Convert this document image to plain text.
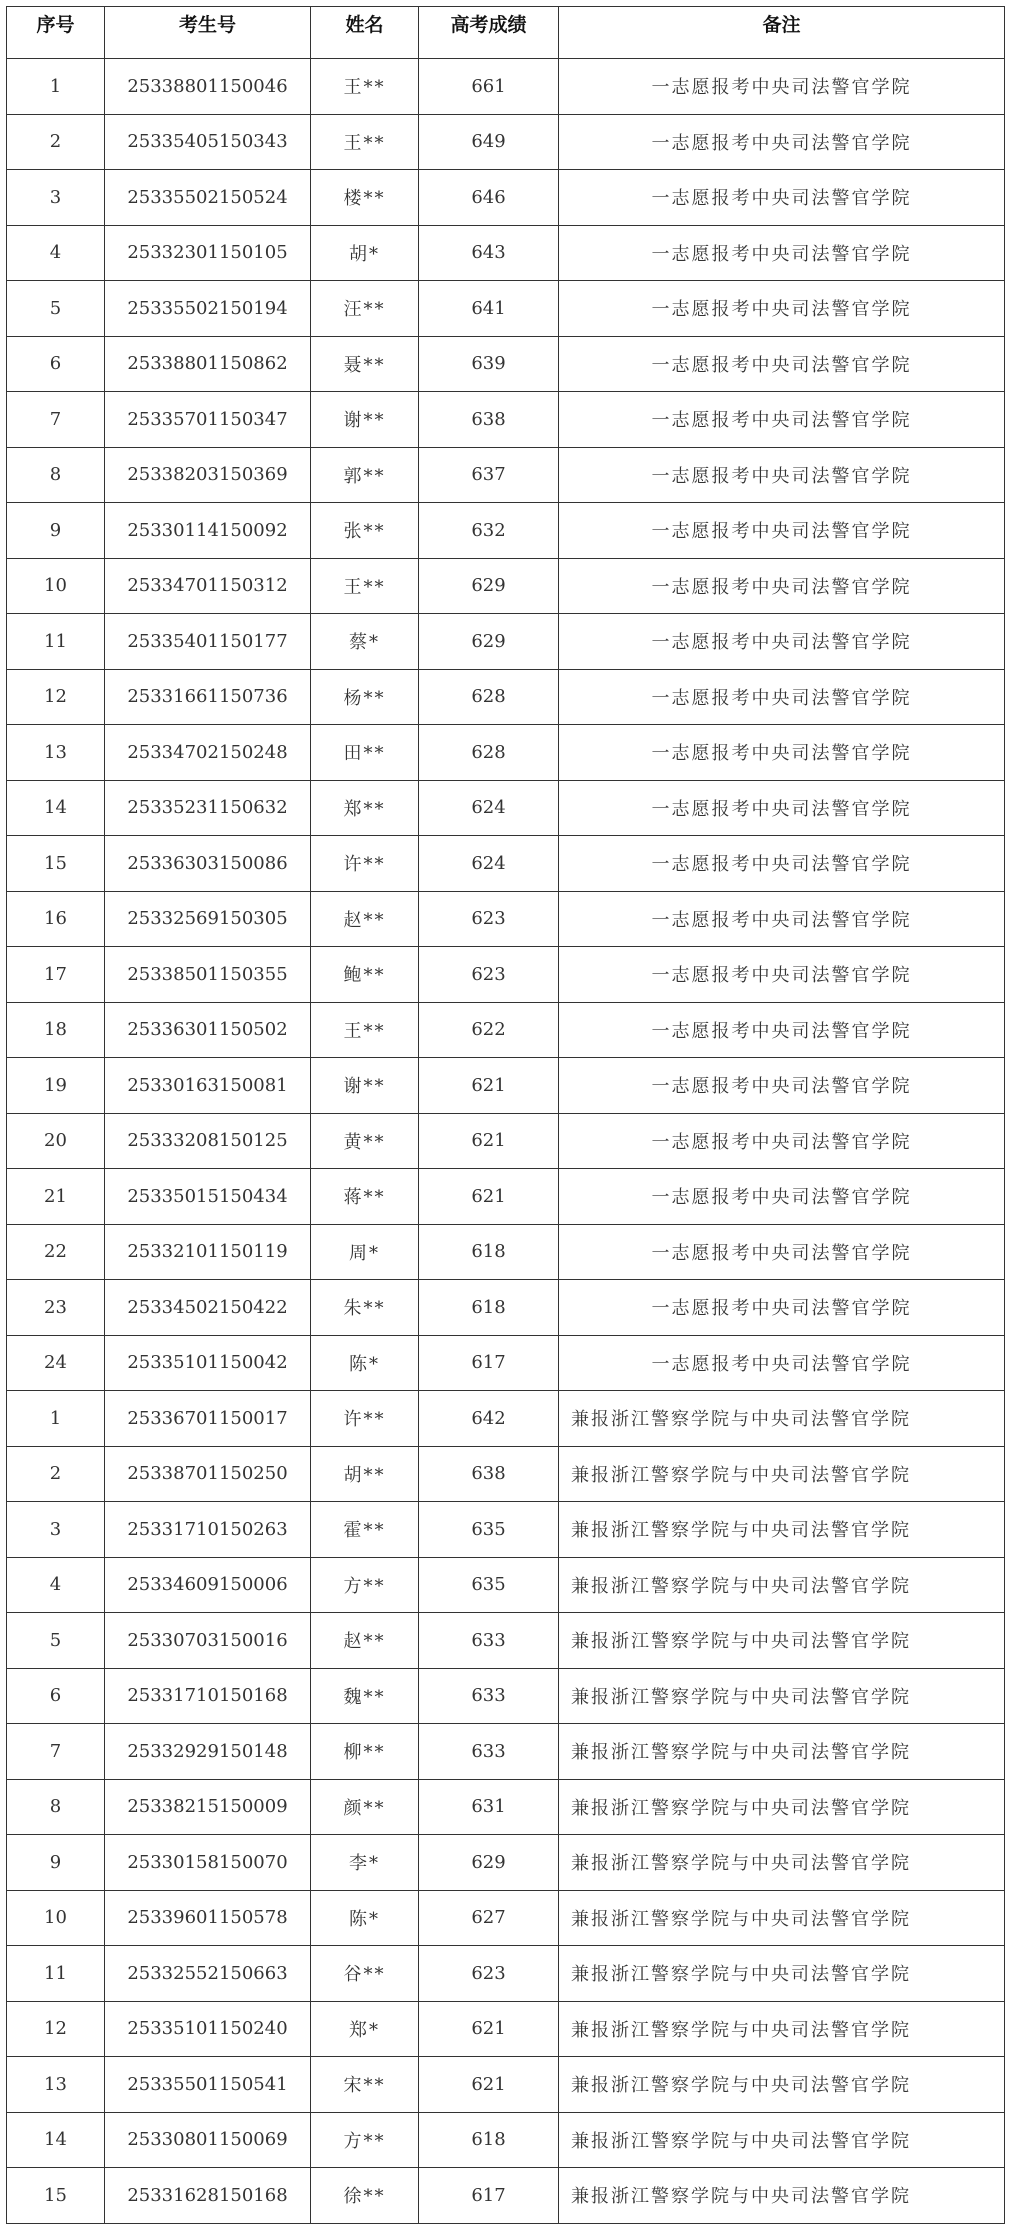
序号	考生号	姓名	高考成绩	备注
1	25338801150046	王**	661	一志愿报考中央司法警官学院
2	25335405150343	王**	649	一志愿报考中央司法警官学院
3	25335502150524	楼**	646	一志愿报考中央司法警官学院
4	25332301150105	胡*	643	一志愿报考中央司法警官学院
5	25335502150194	汪**	641	一志愿报考中央司法警官学院
6	25338801150862	聂**	639	一志愿报考中央司法警官学院
7	25335701150347	谢**	638	一志愿报考中央司法警官学院
8	25338203150369	郭**	637	一志愿报考中央司法警官学院
9	25330114150092	张**	632	一志愿报考中央司法警官学院
10	25334701150312	王**	629	一志愿报考中央司法警官学院
11	25335401150177	蔡*	629	一志愿报考中央司法警官学院
12	25331661150736	杨**	628	一志愿报考中央司法警官学院
13	25334702150248	田**	628	一志愿报考中央司法警官学院
14	25335231150632	郑**	624	一志愿报考中央司法警官学院
15	25336303150086	许**	624	一志愿报考中央司法警官学院
16	25332569150305	赵**	623	一志愿报考中央司法警官学院
17	25338501150355	鲍**	623	一志愿报考中央司法警官学院
18	25336301150502	王**	622	一志愿报考中央司法警官学院
19	25330163150081	谢**	621	一志愿报考中央司法警官学院
20	25333208150125	黄**	621	一志愿报考中央司法警官学院
21	25335015150434	蒋**	621	一志愿报考中央司法警官学院
22	25332101150119	周*	618	一志愿报考中央司法警官学院
23	25334502150422	朱**	618	一志愿报考中央司法警官学院
24	25335101150042	陈*	617	一志愿报考中央司法警官学院
1	25336701150017	许**	642	兼报浙江警察学院与中央司法警官学院
2	25338701150250	胡**	638	兼报浙江警察学院与中央司法警官学院
3	25331710150263	霍**	635	兼报浙江警察学院与中央司法警官学院
4	25334609150006	方**	635	兼报浙江警察学院与中央司法警官学院
5	25330703150016	赵**	633	兼报浙江警察学院与中央司法警官学院
6	25331710150168	魏**	633	兼报浙江警察学院与中央司法警官学院
7	25332929150148	柳**	633	兼报浙江警察学院与中央司法警官学院
8	25338215150009	颜**	631	兼报浙江警察学院与中央司法警官学院
9	25330158150070	李*	629	兼报浙江警察学院与中央司法警官学院
10	25339601150578	陈*	627	兼报浙江警察学院与中央司法警官学院
11	25332552150663	谷**	623	兼报浙江警察学院与中央司法警官学院
12	25335101150240	郑*	621	兼报浙江警察学院与中央司法警官学院
13	25335501150541	宋**	621	兼报浙江警察学院与中央司法警官学院
14	25330801150069	方**	618	兼报浙江警察学院与中央司法警官学院
15	25331628150168	徐**	617	兼报浙江警察学院与中央司法警官学院
